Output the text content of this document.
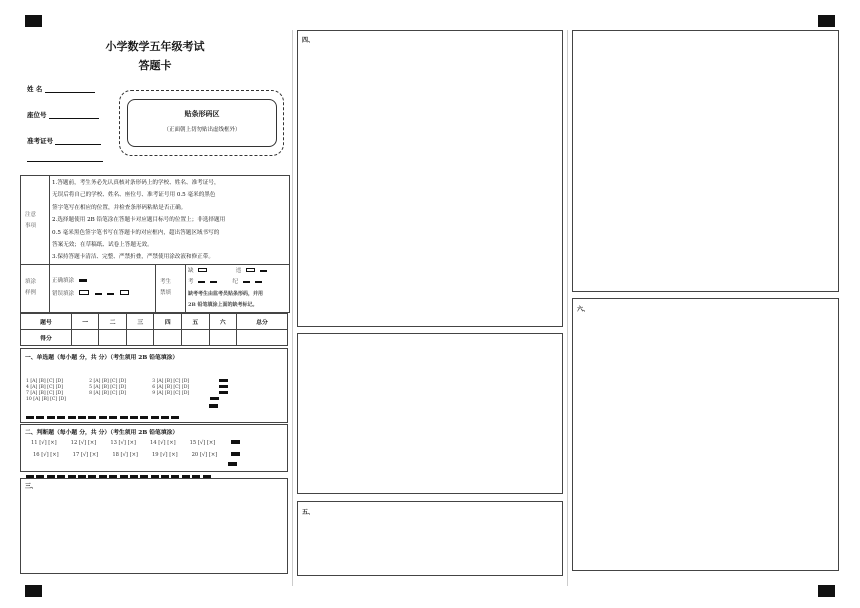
小学数学五年级考试
答题卡
姓 名
座位号
准考证号
贴条形码区
（正面朝上切勿贴出虚线框外）
注意
事项
1.答题前，考生务必先认真核对条形码上的学校、姓名、准考证号，
无误后将自己的学校、姓名、座位号、准考证号用 0.5 毫米的黑色
签字笔写在相应的位置，并检查条形码粘贴是否正确。
2.选择题使用 2B 铅笔涂在答题卡对应题目标号的位置上；非选择题用
0.5 毫米黑色签字笔书写在答题卡的对应框内，超出答题区域书写的
答案无效；在草稿纸、试卷上答题无效。
3.保持答题卡清洁、完整、严禁折叠，严禁使用涂改液和修正带。
填涂
样例
正确填涂
错误填涂
考生
禁填
缺	违
考	纪
缺考考生由监考员贴条形码，并用
2B 铅笔填涂上面的缺考标记。
题号	一	二	三	四	五	六	总分
得分							
一、单选题（每小题 分，共 分）（考生须用 2B 铅笔填涂）
1 [A] [B] [C] [D]	2 [A] [B] [C] [D]	3 [A] [B] [C] [D]
4 [A] [B] [C] [D]	5 [A] [B] [C] [D]	6 [A] [B] [C] [D]
7 [A] [B] [C] [D]	8 [A] [B] [C] [D]	9 [A] [B] [C] [D]
10 [A] [B] [C] [D]
二、判断题（每小题 分，共 分）（考生须用 2B 铅笔填涂）
11 [√] [×]	12 [√] [×]	13 [√] [×]	14 [√] [×]	15 [√] [×]
16 [√] [×]	17 [√] [×]	18 [√] [×]	19 [√] [×]	20 [√] [×]
三、
四、
五、
六、
